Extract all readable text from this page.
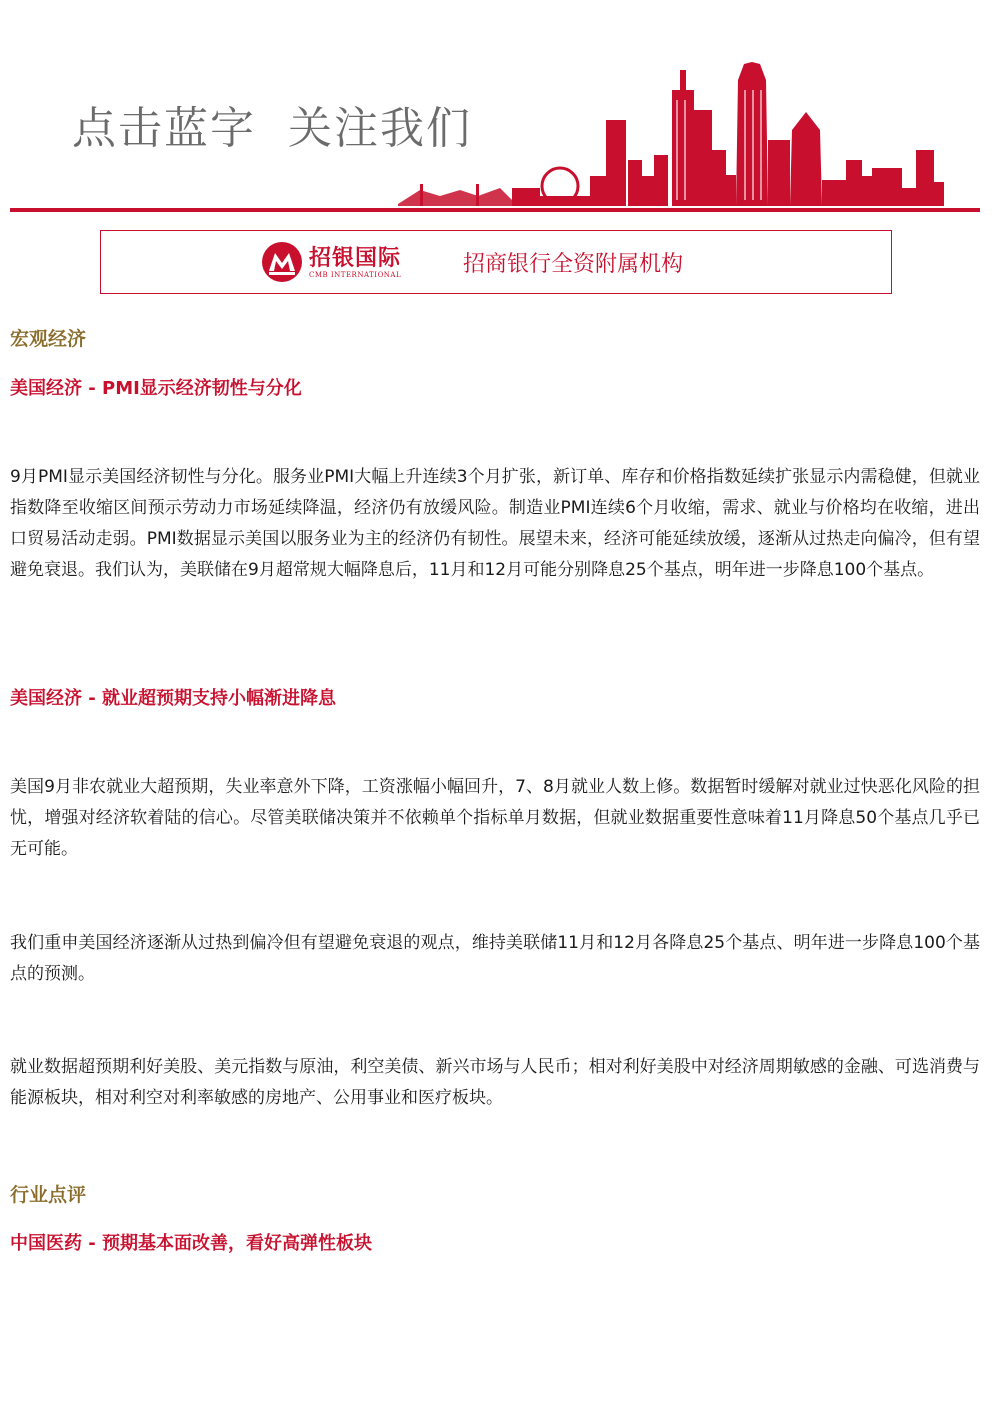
点击蓝字  关注我们
招银国际
CMB INTERNATIONAL	招商银行全资附属机构
宏观经济
美国经济 - PMI显示经济韧性与分化

9月PMI显示美国经济韧性与分化。服务业PMI大幅上升连续3个月扩张，新订单、库存和价格指数延续扩张显示内需稳健，但就业指数降至收缩区间预示劳动力市场延续降温，经济仍有放缓风险。制造业PMI连续6个月收缩，需求、就业与价格均在收缩，进出口贸易活动走弱。PMI数据显示美国以服务业为主的经济仍有韧性。展望未来，经济可能延续放缓，逐渐从过热走向偏冷，但有望避免衰退。我们认为，美联储在9月超常规大幅降息后，11月和12月可能分别降息25个基点，明年进一步降息100个基点。

美国经济 - 就业超预期支持小幅渐进降息

美国9月非农就业大超预期，失业率意外下降，工资涨幅小幅回升，7、8月就业人数上修。数据暂时缓解对就业过快恶化风险的担忧，增强对经济软着陆的信心。尽管美联储决策并不依赖单个指标单月数据，但就业数据重要性意味着11月降息50个基点几乎已无可能。

我们重申美国经济逐渐从过热到偏冷但有望避免衰退的观点，维持美联储11月和12月各降息25个基点、明年进一步降息100个基点的预测。

就业数据超预期利好美股、美元指数与原油，利空美债、新兴市场与人民币；相对利好美股中对经济周期敏感的金融、可选消费与能源板块，相对利空对利率敏感的房地产、公用事业和医疗板块。

行业点评
中国医药 - 预期基本面改善，看好高弹性板块
